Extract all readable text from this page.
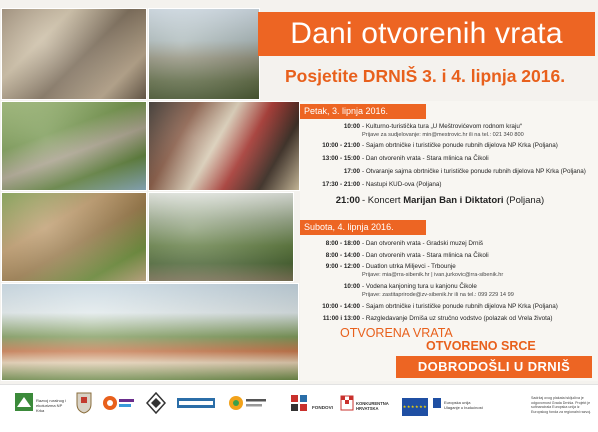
Dani otvorenih vrata
Posjetite DRNIŠ 3. i 4. lipnja 2016.
Petak, 3. lipnja 2016.
10:00 - Kulturno-turistička tura „U Meštrovićevom rodnom kraju“
Prijave za sudjelovanje: min@mestrovic.hr ili na tel.: 021 340 800
10:00 - 21:00 - Sajam obrtničke i turističke ponude rubnih dijelova NP Krka (Poljana)
13:00 - 15:00 - Dan otvorenih vrata - Stara mlinica na Čikoli
17:00 - Otvaranje sajma obrtničke i turističke ponude rubnih dijelova NP Krka (Poljana)
17:30 - 21:00 - Nastupi KUD-ova (Poljana)
21:00 - Koncert Marijan Ban i Diktatori (Poljana)
Subota, 4. lipnja 2016.
8:00 - 18:00 - Dan otvorenih vrata - Gradski muzej Drniš
8:00 - 14:00 - Dan otvorenih vrata - Stara mlinica na Čikoli
9:00 - 12:00 - Duatlon utrka Miljevci - Trbounje
Prijave: mia@rra-sibenik.hr | ivan.jurkovic@rra-sibenik.hr
10:00 - Vodena kanjoning tura u kanjonu Čikole
Prijave: zastitaprirode@zv-sibenik.hr ili na tel.: 099 229 14 99
10:00 - 14:00 - Sajam obrtničke i turističke ponude rubnih dijelova NP Krka (Poljana)
11:00 i 13:00 - Razgledavanje Drniša uz stručno vodstvo (polazak od Vrela života)
OTVORENA VRATA
OTVORENO SRCE
DOBRODOŠLI U DRNIŠ
Razvoj ruralnog i ekoturizma NP Krka
FONDOVI
KONKURENTNA HRVATSKA	★★★★★★
Europska unija Ulaganje u budućnost
Sadržaj ovog plakata isključiva je odgovornost Grada Drniša. Projekt je sufinancirala Europska unija iz Europskog fonda za regionalni razvoj.
